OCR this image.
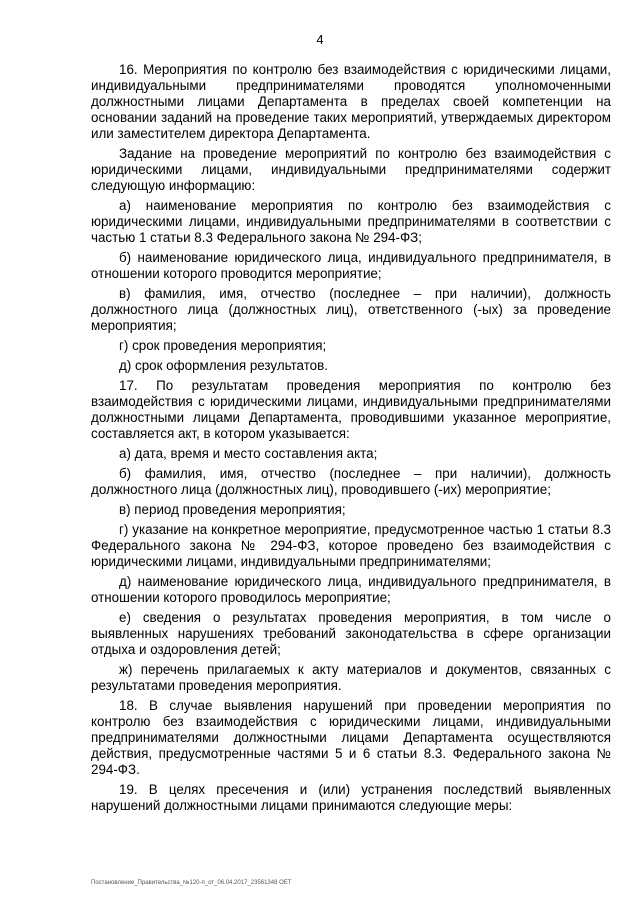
4

16. Мероприятия по контролю без взаимодействия с юридическими лицами, индивидуальными предпринимателями проводятся уполномоченными должностными лицами Департамента в пределах своей компетенции на основании заданий на проведение таких мероприятий, утверждаемых директором или заместителем директора Департамента.

Задание на проведение мероприятий по контролю без взаимодействия с юридическими лицами, индивидуальными предпринимателями содержит следующую информацию:

а) наименование мероприятия по контролю без взаимодействия с юридическими лицами, индивидуальными предпринимателями в соответствии с частью 1 статьи 8.3 Федерального закона № 294-ФЗ;

б) наименование юридического лица, индивидуального предпринимателя, в отношении которого проводится мероприятие;

в) фамилия, имя, отчество (последнее – при наличии), должность должностного лица (должностных лиц), ответственного (-ых) за проведение мероприятия;

г) срок проведения мероприятия;

д) срок оформления результатов.

17. По результатам проведения мероприятия по контролю без взаимодействия с юридическими лицами, индивидуальными предпринимателями должностными лицами Департамента, проводившими указанное мероприятие, составляется акт, в котором указывается:

а) дата, время и место составления акта;

б) фамилия, имя, отчество (последнее – при наличии), должность должностного лица (должностных лиц), проводившего (-их) мероприятие;

в) период проведения мероприятия;

г) указание на конкретное мероприятие, предусмотренное частью 1 статьи 8.3 Федерального закона № 294-ФЗ, которое проведено без взаимодействия с юридическими лицами, индивидуальными предпринимателями;

д) наименование юридического лица, индивидуального предпринимателя, в отношении которого проводилось мероприятие;

е) сведения о результатах проведения мероприятия, в том числе о выявленных нарушениях требований законодательства в сфере организации отдыха и оздоровления детей;

ж) перечень прилагаемых к акту материалов и документов, связанных с результатами проведения мероприятия.

18. В случае выявления нарушений при проведении мероприятия по контролю без взаимодействия с юридическими лицами, индивидуальными предпринимателями должностными лицами Департамента осуществляются действия, предусмотренные частями 5 и 6 статьи 8.3. Федерального закона № 294-ФЗ.

19. В целях пресечения и (или) устранения последствий выявленных нарушений должностными лицами принимаются следующие меры:

Постановление_Правительства_№120-п_от_06.04.2017_23561348 ОЕТ
